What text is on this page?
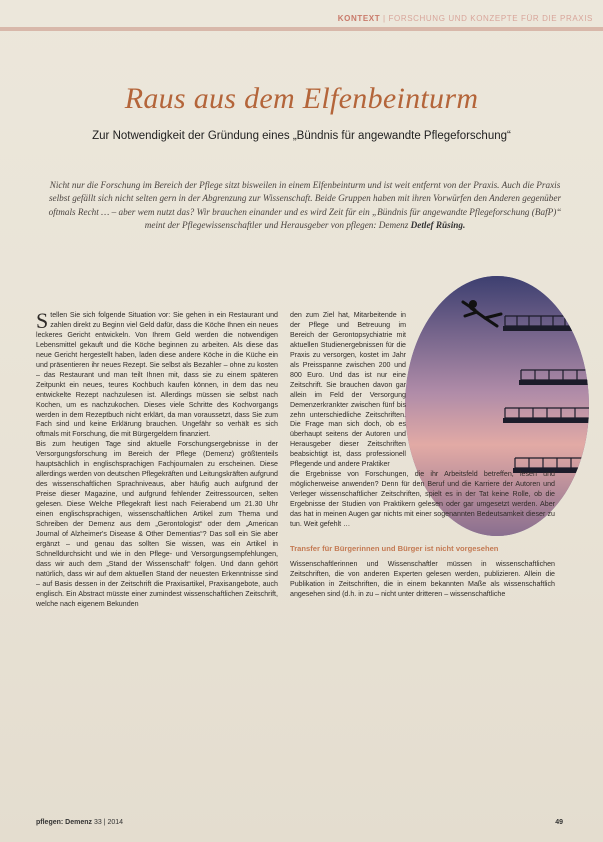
KONTEXT | FORSCHUNG UND KONZEPTE FÜR DIE PRAXIS
Raus aus dem Elfenbeinturm
Zur Notwendigkeit der Gründung eines „Bündnis für angewandte Pflegeforschung“
Nicht nur die Forschung im Bereich der Pflege sitzt bisweilen in einem Elfenbeinturm und ist weit entfernt von der Praxis. Auch die Praxis selbst gefällt sich nicht selten gern in der Abgrenzung zur Wissenschaft. Beide Gruppen haben mit ihren Vorwürfen den Anderen gegenüber oftmals Recht … – aber wem nutzt das? Wir brauchen einander und es wird Zeit für ein „Bündnis für angewandte Pflegeforschung (BafP)“ meint der Pflegewissenschaftler und Herausgeber von pflegen: Demenz Detlef Rüsing.

Stellen Sie sich folgende Situation vor: Sie gehen in ein Restaurant und zahlen direkt zu Beginn viel Geld dafür, dass die Köche Ihnen ein neues leckeres Gericht entwickeln. Von Ihrem Geld werden die notwendigen Lebensmittel gekauft und die Köche beginnen zu arbeiten. Als diese das neue Gericht hergestellt haben, laden diese andere Köche in die Küche ein und präsentieren ihr neues Rezept. Sie selbst als Bezahler – ohne zu kosten – das Restaurant und man teilt Ihnen mit, dass sie zu einem späteren Zeitpunkt ein neues, teures Kochbuch kaufen können, in dem das neu entwickelte Rezept nachzulesen ist. Allerdings müssen sie selbst nach Kochen, um es nachzukochen. Dieses viele Schritte des Kochvorgangs werden in dem Rezeptbuch nicht erklärt, da man voraussetzt, dass Sie zum Fach sind und keine Erklärung brauchen. Ungefähr so verhält es sich oftmals mit Forschung, die mit Bürgergeldern finanziert.

Bis zum heutigen Tage sind aktuelle Forschungsergebnisse in der Versorgungsforschung im Bereich der Pflege (Demenz) größtenteils hauptsächlich in englischsprachigen Fachjournalen zu erscheinen. Diese allerdings werden von deutschen Pflegekräften und Leitungskräften aufgrund des wissenschaftlichen Sprachniveaus, aber häufig auch aufgrund der Preise dieser Magazine, und aufgrund fehlender Zeitressourcen, selten gelesen. Diese Welche Pflegekraft liest nach Feierabend um 21.30 Uhr einen englischsprachigen, wissenschaftlichen Artikel zum Thema und Schreiben der Demenz aus dem „Gerontologist“ oder dem „American Journal of Alzheimer's Disease & Other Dementias“? Das soll ein Sie aber ergänzt – und genau das sollten Sie wissen, was ein Artikel in Schnelldurchsicht und wie in den Pflege- und Versorgungsempfehlungen, dass wir auch dem „Stand der Wissenschaft“ folgen. Und dann gehört natürlich, dass wir auf dem aktuellen Stand der neuesten Erkenntnisse sind – auf Basis dessen in der Zeitschrift die Praxisartikel, Praxisangebote, auch englisch. Ein Abstract müsste einer zumindest wissenschaftlichen Zeitschrift, welche nach eigenem Bekunden

den zum Ziel hat, Mitarbeitende in der Pflege und Betreuung im Bereich der Gerontopsychiatrie mit aktuellen Studienergebnissen für die Praxis zu versorgen, kostet im Jahr als Preisspanne zwischen 200 und 800 Euro. Und das ist nur eine Zeitschrift. Sie brauchen davon gar allein im Feld der Versorgung Demenzerkrankter zwischen fünf bis zehn unterschiedliche Zeitschriften. Die Frage man sich doch, ob es überhaupt seitens der Autoren und Herausgeber dieser Zeitschriften beabsichtigt ist, dass professionell Pflegende und andere Praktiker

die Ergebnisse von Forschungen, die ihr Arbeitsfeld betreffen, lesen und möglicherweise anwenden? Denn für den Beruf und die Karriere der Autoren und Verleger wissenschaftlicher Zeitschriften, spielt es in der Tat keine Rolle, ob die Ergebnisse der Studien von Praktikern gelesen oder gar umgesetzt werden. Aber das hat in meinen Augen gar nichts mit einer sogenannten Bedeutsamkeit dieser zu tun. Weit gefehlt …

Transfer für Bürgerinnen und Bürger ist nicht vorgesehen

Wissenschaftlerinnen und Wissenschaftler müssen in wissenschaftlichen Zeitschriften, die von anderen Experten gelesen werden, publizieren. Allein die Publikation in Zeitschriften, die in einem bekannten Maße als wissenschaftlich angesehen sind (d.h. in zu – nicht unter dritteren – wissenschaftliche

pflegen: Demenz 33 | 2014	49
